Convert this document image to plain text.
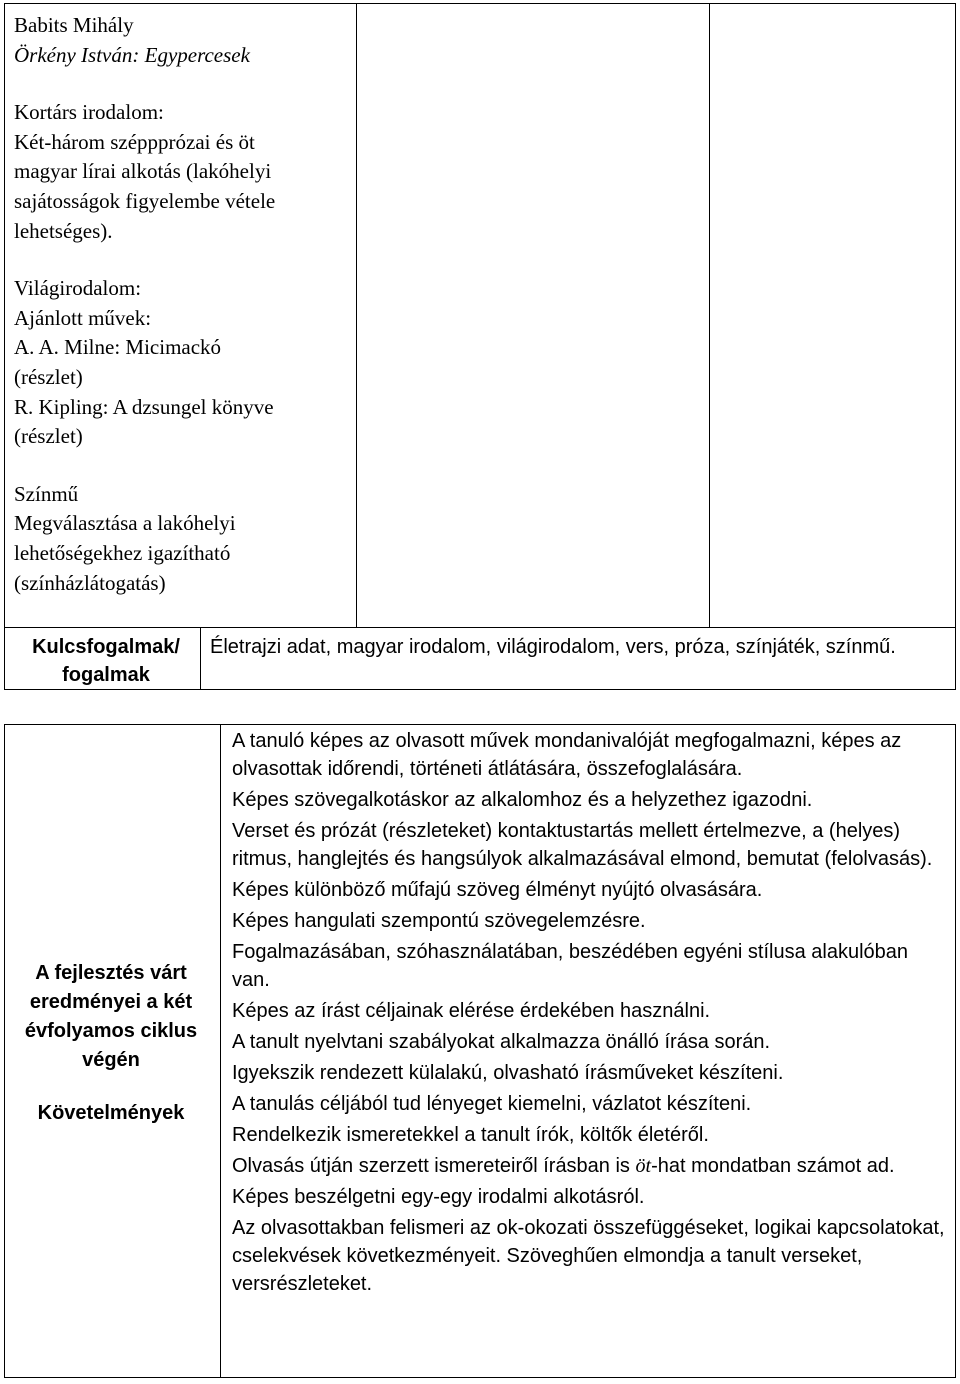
Babits Mihály

Örkény István: Egypercesek

Kortárs irodalom:

Két-három széppprózai és öt

magyar lírai alkotás (lakóhelyi

sajátosságok figyelembe vétele

lehetséges).

Világirodalom:

Ajánlott művek:

A. A. Milne: Micimackó

(részlet)

R. Kipling: A dzsungel könyve

(részlet)

Színmű

Megválasztása a lakóhelyi

lehetőségekhez igazítható

(színházlátogatás)

Kulcsfogalmak/
fogalmak
Életrajzi adat, magyar irodalom, világirodalom, vers, próza, színjáték, színmű.
A fejlesztés várt
eredményei a két
évfolyamos ciklus
végén
Követelmények

A tanuló képes az olvasott művek mondanivalóját megfogalmazni, képes az olvasottak időrendi, történeti átlátására, összefoglalására.

Képes szövegalkotáskor az alkalomhoz és a helyzethez igazodni.

Verset és prózát (részleteket) kontaktustartás mellett értelmezve, a (helyes) ritmus, hanglejtés és hangsúlyok alkalmazásával elmond, bemutat (felolvasás).

Képes különböző műfajú szöveg élményt nyújtó olvasására.

Képes hangulati szempontú szövegelemzésre.

Fogalmazásában, szóhasználatában, beszédében egyéni stílusa alakulóban van.

Képes az írást céljainak elérése érdekében használni.

A tanult nyelvtani szabályokat alkalmazza önálló írása során.

Igyekszik rendezett külalakú, olvasható írásműveket készíteni.

A tanulás céljából tud lényeget kiemelni, vázlatot készíteni.

Rendelkezik ismeretekkel a tanult írók, költők életéről.

Olvasás útján szerzett ismereteiről írásban is öt-hat mondatban számot ad.

Képes beszélgetni egy-egy irodalmi alkotásról.

Az olvasottakban felismeri az ok-okozati összefüggéseket, logikai kapcsolatokat, cselekvések következményeit. Szöveghűen elmondja a tanult verseket, versrészleteket.
